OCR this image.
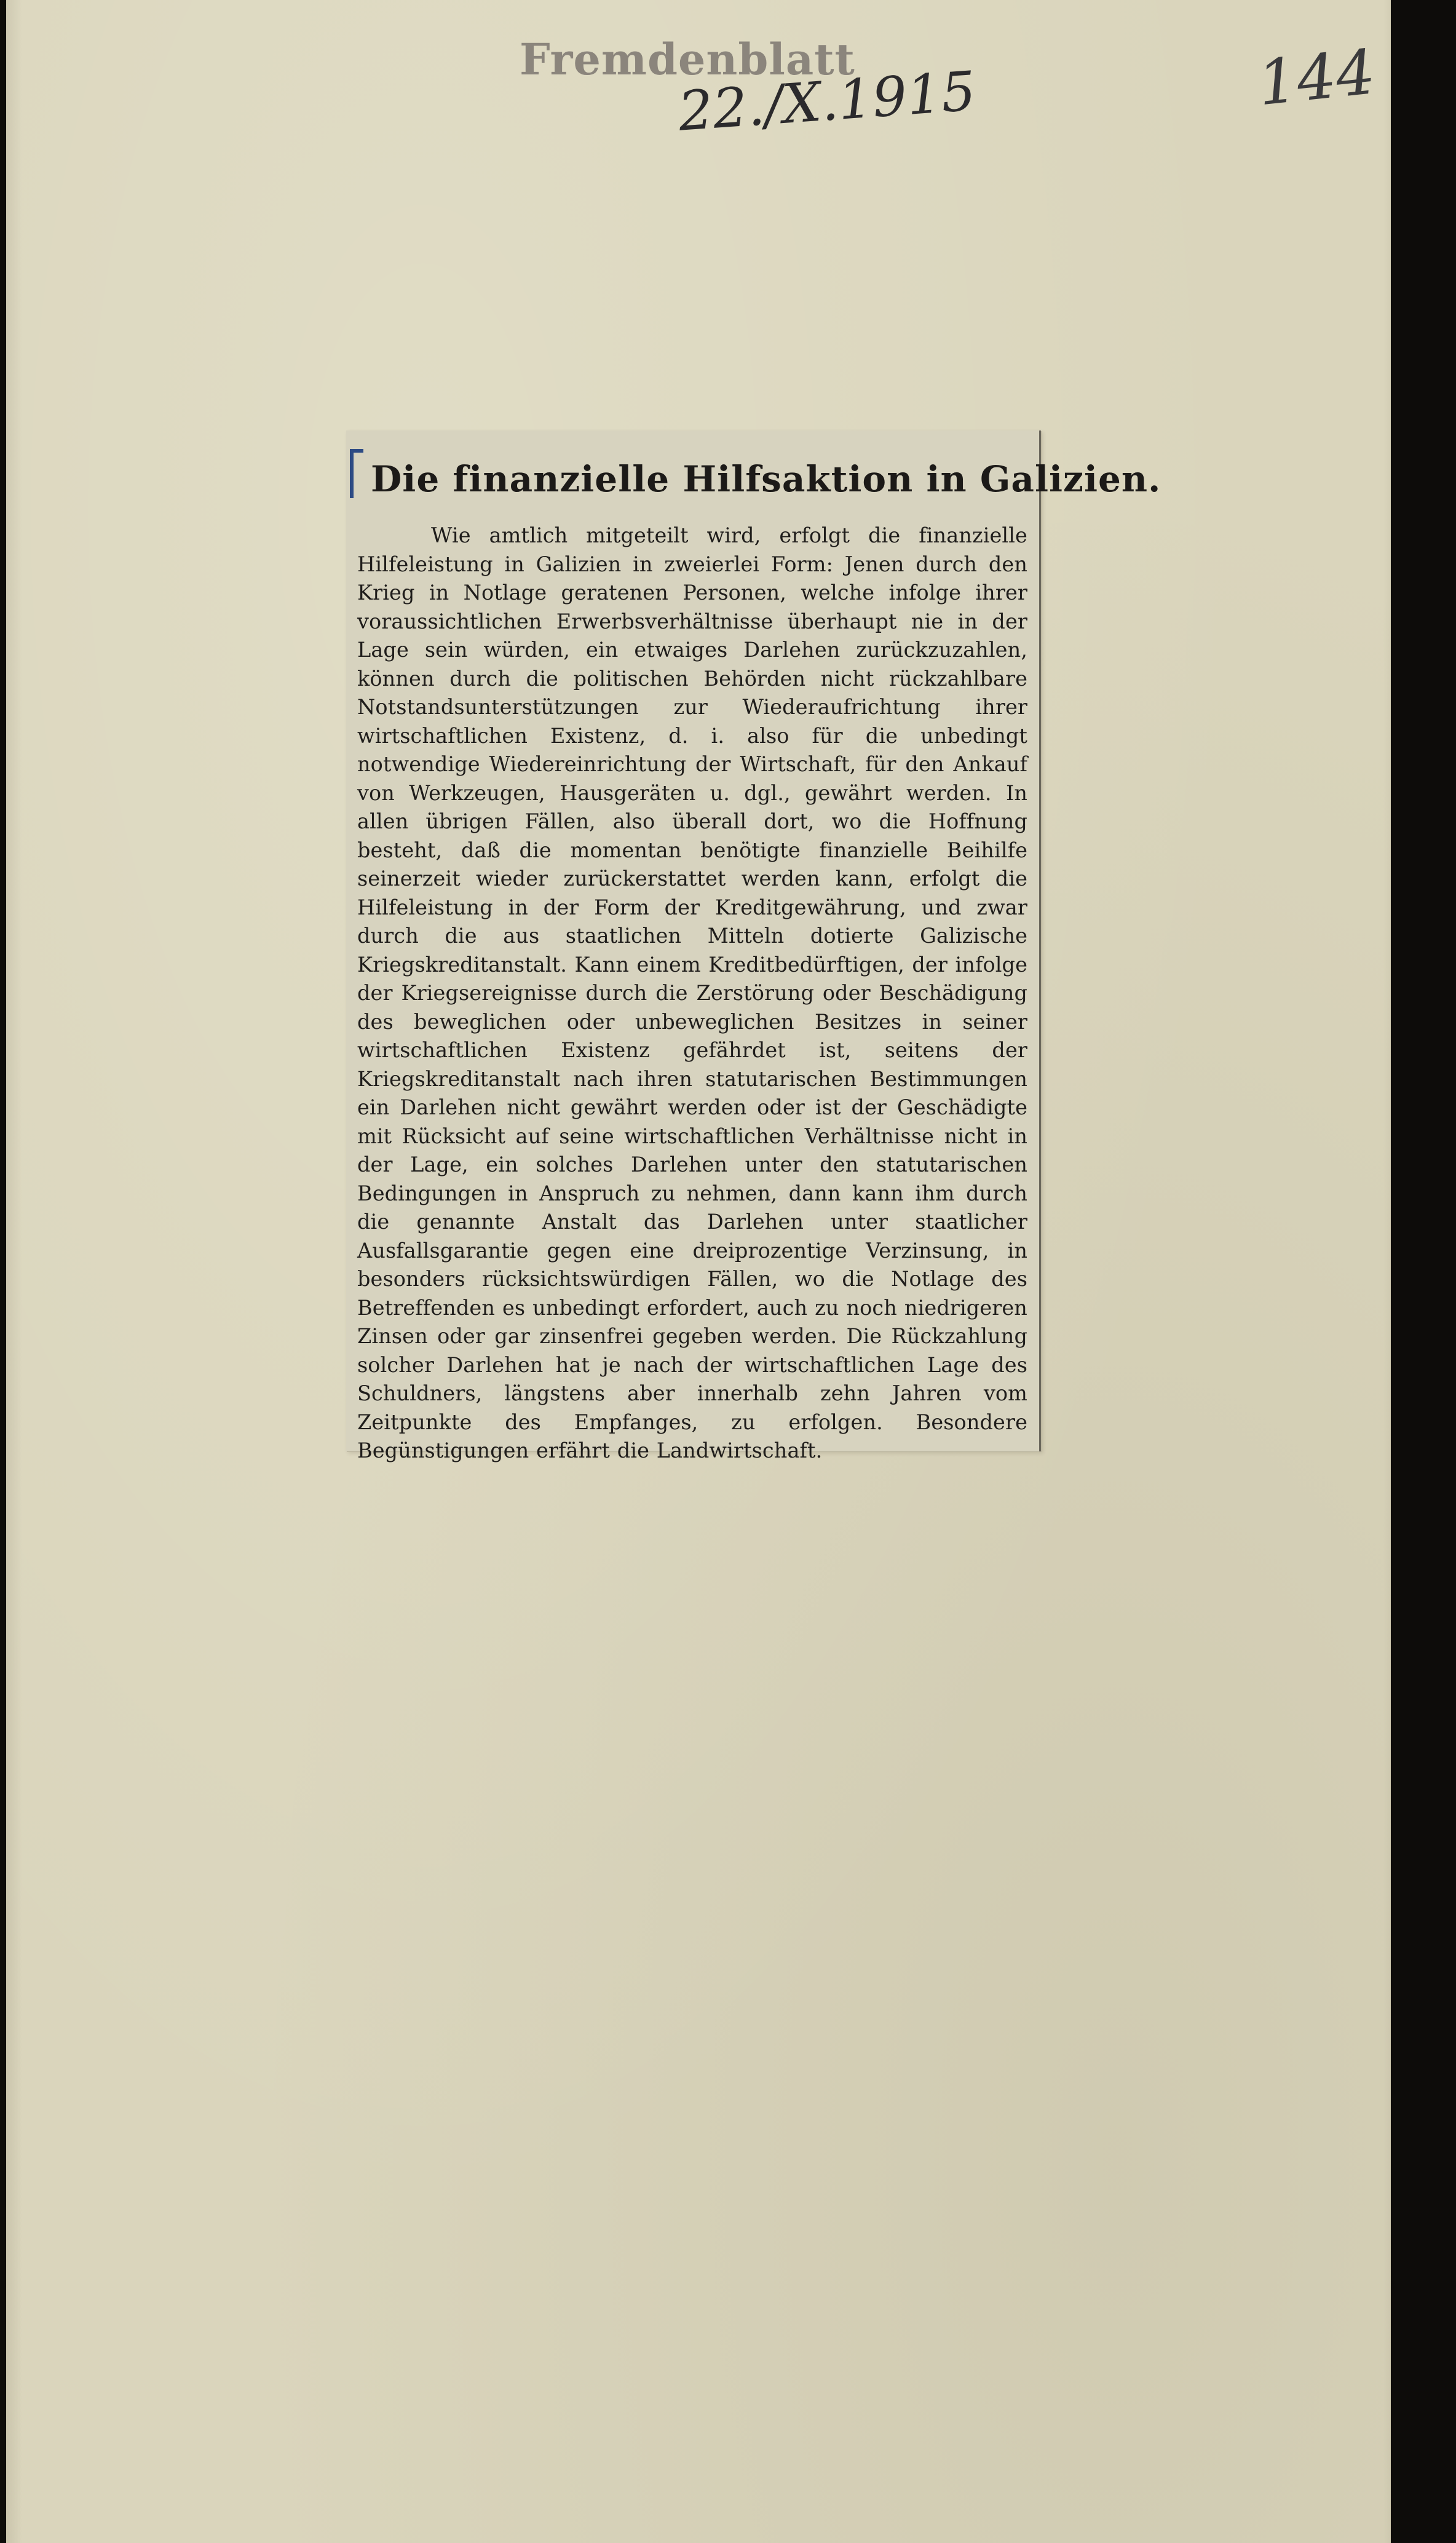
Fremdenblatt
22./X.1915	144
Die finanzielle Hilfsaktion in Galizien.
Wie amtlich mitgeteilt wird, erfolgt die finanzielle Hilfeleistung in Galizien in zweierlei Form: Jenen durch den Krieg in Notlage geratenen Personen, welche infolge ihrer voraussichtlichen Erwerbsverhältnisse überhaupt nie in der Lage sein würden, ein etwaiges Darlehen zurückzuzahlen, können durch die politischen Behörden nicht rückzahlbare Notstandsunterstützungen zur Wiederaufrichtung ihrer wirtschaftlichen Existenz, d. i. also für die unbedingt notwendige Wiedereinrichtung der Wirtschaft, für den Ankauf von Werkzeugen, Hausgeräten u. dgl., gewährt werden. In allen übrigen Fällen, also überall dort, wo die Hoffnung besteht, daß die momentan benötigte finanzielle Beihilfe seinerzeit wieder zurückerstattet werden kann, erfolgt die Hilfeleistung in der Form der Kreditgewährung, und zwar durch die aus staatlichen Mitteln dotierte Galizische Kriegskreditanstalt. Kann einem Kreditbedürftigen, der infolge der Kriegsereignisse durch die Zerstörung oder Beschädigung des beweglichen oder unbeweglichen Besitzes in seiner wirtschaftlichen Existenz gefährdet ist, seitens der Kriegskreditanstalt nach ihren statutarischen Bestimmungen ein Darlehen nicht gewährt werden oder ist der Geschädigte mit Rücksicht auf seine wirtschaftlichen Verhältnisse nicht in der Lage, ein solches Darlehen unter den statutarischen Bedingungen in Anspruch zu nehmen, dann kann ihm durch die genannte Anstalt das Darlehen unter staatlicher Ausfallsgarantie gegen eine dreiprozentige Verzinsung, in besonders rücksichtswürdigen Fällen, wo die Notlage des Betreffenden es unbedingt erfordert, auch zu noch niedrigeren Zinsen oder gar zinsenfrei gegeben werden. Die Rückzahlung solcher Darlehen hat je nach der wirtschaftlichen Lage des Schuldners, längstens aber innerhalb zehn Jahren vom Zeitpunkte des Empfanges, zu erfolgen. Besondere Begünstigungen erfährt die Landwirtschaft.
